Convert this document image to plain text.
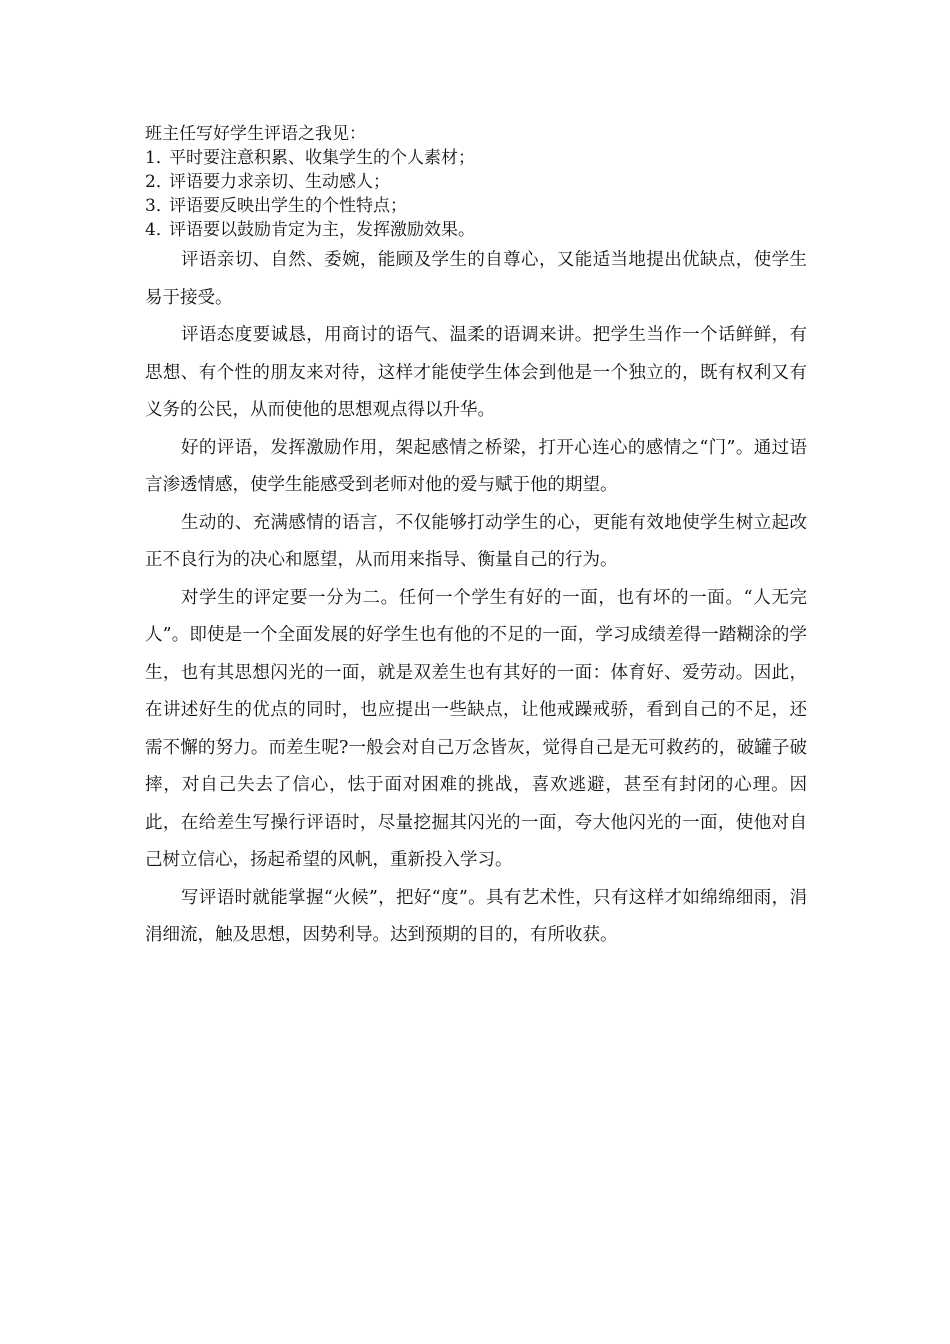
班主任写好学生评语之我见：

1．平时要注意积累、收集学生的个人素材；
2．评语要力求亲切、生动感人；
3．评语要反映出学生的个性特点；
4．评语要以鼓励肯定为主，发挥激励效果。

评语亲切、自然、委婉，能顾及学生的自尊心，又能适当地提出优缺点，使学生易于接受。

评语态度要诚恳，用商讨的语气、温柔的语调来讲。把学生当作一个话鲜鲜，有思想、有个性的朋友来对待，这样才能使学生体会到他是一个独立的，既有权利又有义务的公民，从而使他的思想观点得以升华。

好的评语，发挥激励作用，架起感情之桥梁，打开心连心的感情之“门”。通过语言渗透情感，使学生能感受到老师对他的爱与赋于他的期望。

生动的、充满感情的语言，不仅能够打动学生的心，更能有效地使学生树立起改正不良行为的决心和愿望，从而用来指导、衡量自己的行为。

对学生的评定要一分为二。任何一个学生有好的一面，也有坏的一面。“人无完人”。即使是一个全面发展的好学生也有他的不足的一面，学习成绩差得一踏糊涂的学生，也有其思想闪光的一面，就是双差生也有其好的一面：体育好、爱劳动。因此，在讲述好生的优点的同时，也应提出一些缺点，让他戒躁戒骄，看到自己的不足，还需不懈的努力。而差生呢?一般会对自己万念皆灰，觉得自己是无可救药的，破罐子破摔，对自己失去了信心，怯于面对困难的挑战，喜欢逃避，甚至有封闭的心理。因此，在给差生写操行评语时，尽量挖掘其闪光的一面，夸大他闪光的一面，使他对自己树立信心，扬起希望的风帆，重新投入学习。

写评语时就能掌握“火候”，把好“度”。具有艺术性，只有这样才如绵绵细雨，涓涓细流，触及思想，因势利导。达到预期的目的，有所收获。
